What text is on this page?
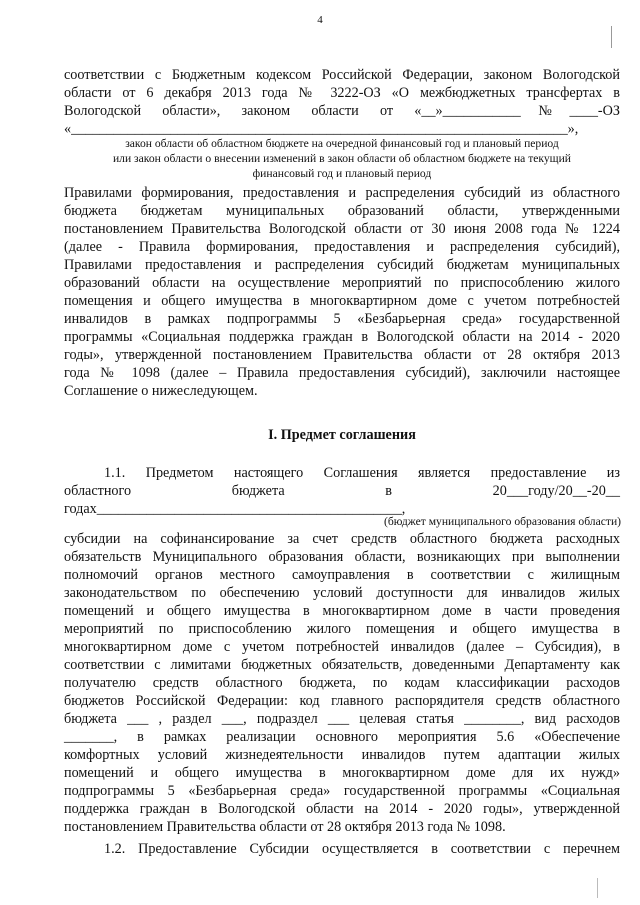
4
соответствии с Бюджетным кодексом Российской Федерации, законом Вологодской
области от 6 декабря 2013 года № 3222-ОЗ «О межбюджетных трансфертах в
Вологодской области», законом области от «__»___________№____-ОЗ
«______________________________________________________________________»,
закон области об областном бюджете на очередной финансовый год и плановый период
или закон области о внесении изменений в закон области об областном бюджете на текущий
финансовый год и плановый период
Правилами формирования, предоставления и распределения субсидий из областного
бюджета бюджетам муниципальных образований области, утвержденными
постановлением Правительства Вологодской области от 30 июня 2008 года № 1224
(далее - Правила формирования, предоставления и распределения субсидий),
Правилами предоставления и распределения субсидий бюджетам муниципальных
образований области на осуществление мероприятий по приспособлению жилого
помещения и общего имущества в многоквартирном доме с учетом потребностей
инвалидов в рамках подпрограммы 5 «Безбарьерная среда» государственной
программы «Социальная поддержка граждан в Вологодской области на 2014 - 2020
годы», утвержденной постановлением Правительства области от 28 октября 2013
года № 1098 (далее – Правила предоставления субсидий), заключили настоящее
Соглашение о нижеследующем.
I. Предмет соглашения
1.1. Предметом настоящего Соглашения является предоставление из
областного бюджета в 20___году/20__-20__
годах___________________________________________,
(бюджет муниципального образования области)
субсидии на софинансирование за счет средств областного бюджета расходных
обязательств Муниципального образования области, возникающих при выполнении
полномочий органов местного самоуправления в соответствии с жилищным
законодательством по обеспечению условий доступности для инвалидов жилых
помещений и общего имущества в многоквартирном доме в части проведения
мероприятий по приспособлению жилого помещения и общего имущества в
многоквартирном доме с учетом потребностей инвалидов (далее – Субсидия), в
соответствии с лимитами бюджетных обязательств, доведенными Департаменту как
получателю средств областного бюджета, по кодам классификации расходов
бюджетов Российской Федерации: код главного распорядителя средств областного
бюджета ___ , раздел ___, подраздел ___ целевая статья ________, вид расходов
_______, в рамках реализации основного мероприятия 5.6 «Обеспечение
комфортных условий жизнедеятельности инвалидов путем адаптации жилых
помещений и общего имущества в многоквартирном доме для их нужд»
подпрограммы 5 «Безбарьерная среда» государственной программы «Социальная
поддержка граждан в Вологодской области на 2014 - 2020 годы», утвержденной
постановлением Правительства области от 28 октября 2013 года № 1098.
1.2. Предоставление Субсидии осуществляется в соответствии с перечнем
